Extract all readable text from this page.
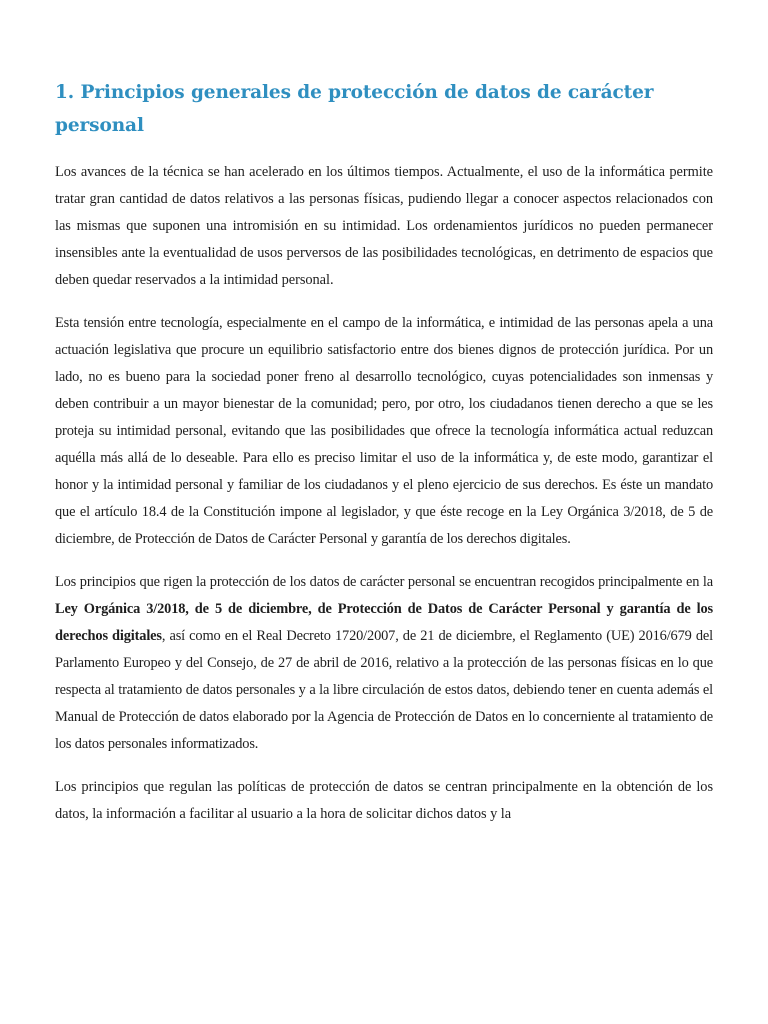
1. Principios generales de protección de datos de carácter personal

Los avances de la técnica se han acelerado en los últimos tiempos. Actualmente, el uso de la informática permite tratar gran cantidad de datos relativos a las personas físicas, pudiendo llegar a conocer aspectos relacionados con las mismas que suponen una intromisión en su intimidad. Los ordenamientos jurídicos no pueden permanecer insensibles ante la eventualidad de usos perversos de las posibilidades tecnológicas, en detrimento de espacios que deben quedar reservados a la intimidad personal.

Esta tensión entre tecnología, especialmente en el campo de la informática, e intimidad de las personas apela a una actuación legislativa que procure un equilibrio satisfactorio entre dos bienes dignos de protección jurídica. Por un lado, no es bueno para la sociedad poner freno al desarrollo tecnológico, cuyas potencialidades son inmensas y deben contribuir a un mayor bienestar de la comunidad; pero, por otro, los ciudadanos tienen derecho a que se les proteja su intimidad personal, evitando que las posibilidades que ofrece la tecnología informática actual reduzcan aquélla más allá de lo deseable. Para ello es preciso limitar el uso de la informática y, de este modo, garantizar el honor y la intimidad personal y familiar de los ciudadanos y el pleno ejercicio de sus derechos. Es éste un mandato que el artículo 18.4 de la Constitución impone al legislador, y que éste recoge en la Ley Orgánica 3/2018, de 5 de diciembre, de Protección de Datos de Carácter Personal y garantía de los derechos digitales.

Los principios que rigen la protección de los datos de carácter personal se encuentran recogidos principalmente en la Ley Orgánica 3/2018, de 5 de diciembre, de Protección de Datos de Carácter Personal y garantía de los derechos digitales, así como en el Real Decreto 1720/2007, de 21 de diciembre, el Reglamento (UE) 2016/679 del Parlamento Europeo y del Consejo, de 27 de abril de 2016, relativo a la protección de las personas físicas en lo que respecta al tratamiento de datos personales y a la libre circulación de estos datos, debiendo tener en cuenta además el Manual de Protección de datos elaborado por la Agencia de Protección de Datos en lo concerniente al tratamiento de los datos personales informatizados.

Los principios que regulan las políticas de protección de datos se centran principalmente en la obtención de los datos, la información a facilitar al usuario a la hora de solicitar dichos datos y la
